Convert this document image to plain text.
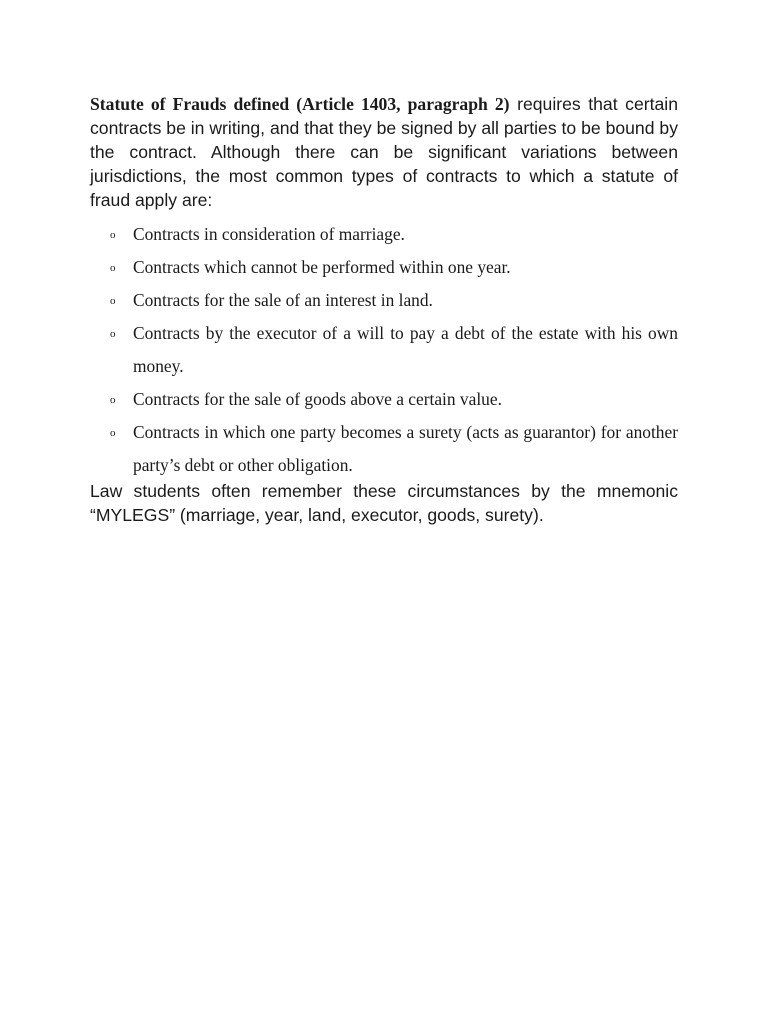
Statute of Frauds defined (Article 1403, paragraph 2) requires that certain contracts be in writing, and that they be signed by all parties to be bound by the contract. Although there can be significant variations between jurisdictions, the most common types of contracts to which a statute of fraud apply are:

o Contracts in consideration of marriage.
o Contracts which cannot be performed within one year.
o Contracts for the sale of an interest in land.
o Contracts by the executor of a will to pay a debt of the estate with his own money.
o Contracts for the sale of goods above a certain value.
o Contracts in which one party becomes a surety (acts as guarantor) for another party’s debt or other obligation.

Law students often remember these circumstances by the mnemonic “MYLEGS” (marriage, year, land, executor, goods, surety).
